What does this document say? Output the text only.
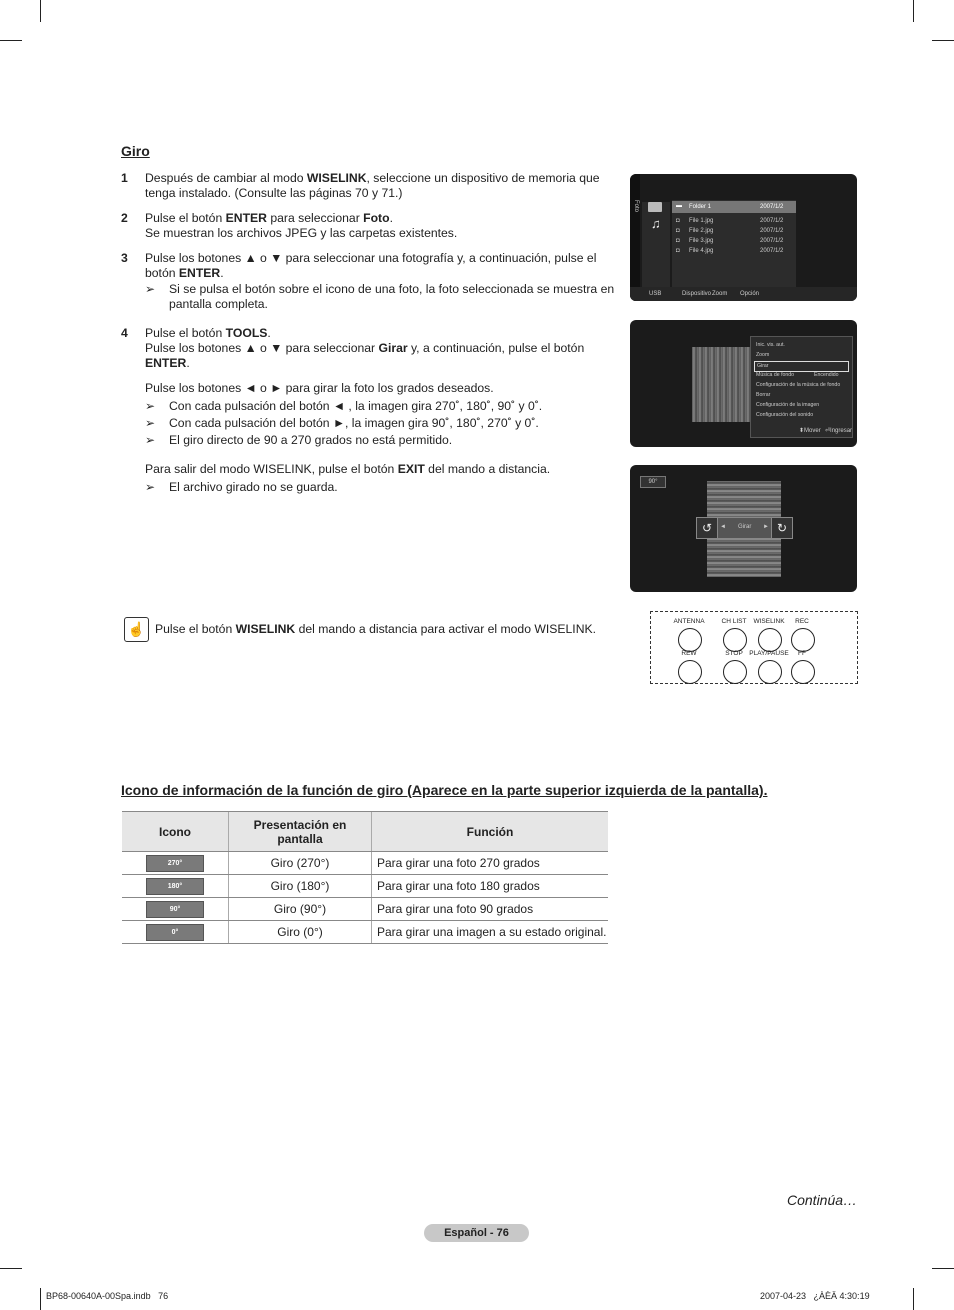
Giro
1 Después de cambiar al modo WISELINK, seleccione un dispositivo de memoria que

tenga instalado. (Consulte las páginas 70 y 71.)

2 Pulse el botón ENTER para seleccionar Foto.

Se muestran los archivos JPEG y las carpetas existentes.

3 Pulse los botones ▲ o ▼ para seleccionar una fotografía y, a continuación, pulse el

botón ENTER.

➢ Si se pulsa el botón sobre el icono de una foto, la foto seleccionada se muestra en

pantalla completa.

4 Pulse el botón TOOLS.

Pulse los botones ▲ o ▼ para seleccionar Girar y, a continuación, pulse el botón

ENTER.

Pulse los botones ◄ o ► para girar la foto los grados deseados.

➢ Con cada pulsación del botón ◄ , la imagen gira 270˚, 180˚, 90˚ y 0˚.

➢ Con cada pulsación del botón ►, la imagen gira 90˚, 180˚, 270˚ y 0˚.

➢ El giro directo de 90 a 270 grados no está permitido.

Para salir del modo WISELINK, pulse el botón EXIT del mando a distancia.

➢ El archivo girado no se guarda.

Foto
♫
▬ Folder 1	2007/1/2
◘ File 1.jpg	2007/1/2
◘ File 2.jpg	2007/1/2
◘ File 3.jpg	2007/1/2
◘ File 4.jpg	2007/1/2
USB	Dispositivo Zoom Opción
Inic. vis. aut.
Zoom
Girar
Música de fondo	Encendido
Configuración de la música de fondo
Borrar
Configuración de la imagen
Configuración del sonido
⬍Mover ⏎Ingresar
90°
↺	◄ Girar ► ↻
☝ Pulse el botón WISELINK del mando a distancia para activar el modo WISELINK.
ANTENNA	CH LIST	WISELINK	REC
REW	STOP PLAY/PAUSE	FF
Icono de información de la función de giro (Aparece en la parte superior izquierda de la pantalla).
Icono	Presentación en pantalla	Función
270°	Giro (270°)	Para girar una foto 270 grados
180°	Giro (180°)	Para girar una foto 180 grados
90°	Giro (90°)	Para girar una foto 90 grados
0°	Giro (0°)	Para girar una imagen a su estado original.
Continúa…
Español - 76
BP68-00640A-00Spa.indb   76	2007-04-23   ¿ÀÈÄ 4:30:19
